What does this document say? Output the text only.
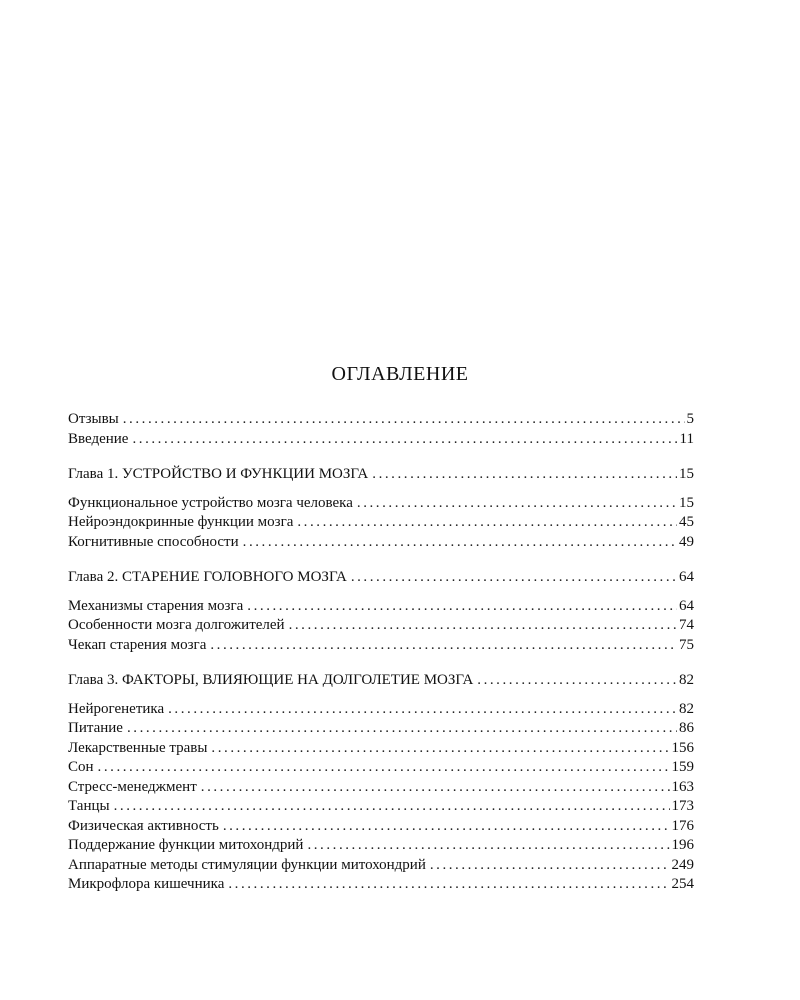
ОГЛАВЛЕНИЕ
Отзывы . . .	5
Введение . . .	11
Глава 1. УСТРОЙСТВО И ФУНКЦИИ МОЗГА . . .	15
Функциональное устройство мозга человека . . .	15
Нейроэндокринные функции мозга . . .	45
Когнитивные способности . . .	49
Глава 2. СТАРЕНИЕ ГОЛОВНОГО МОЗГА . . .	64
Механизмы старения мозга . . .	64
Особенности мозга долгожителей . . .	74
Чекап старения мозга . . .	75
Глава 3. ФАКТОРЫ, ВЛИЯЮЩИЕ НА ДОЛГОЛЕТИЕ МОЗГА . . .	82
Нейрогенетика . . .	82
Питание . . .	86
Лекарственные травы . . .	156
Сон . . .	159
Стресс-менеджмент . . .	163
Танцы . . .	173
Физическая активность . . .	176
Поддержание функции митохондрий . . .	196
Аппаратные методы стимуляции функции митохондрий . . .	249
Микрофлора кишечника . . .	254
